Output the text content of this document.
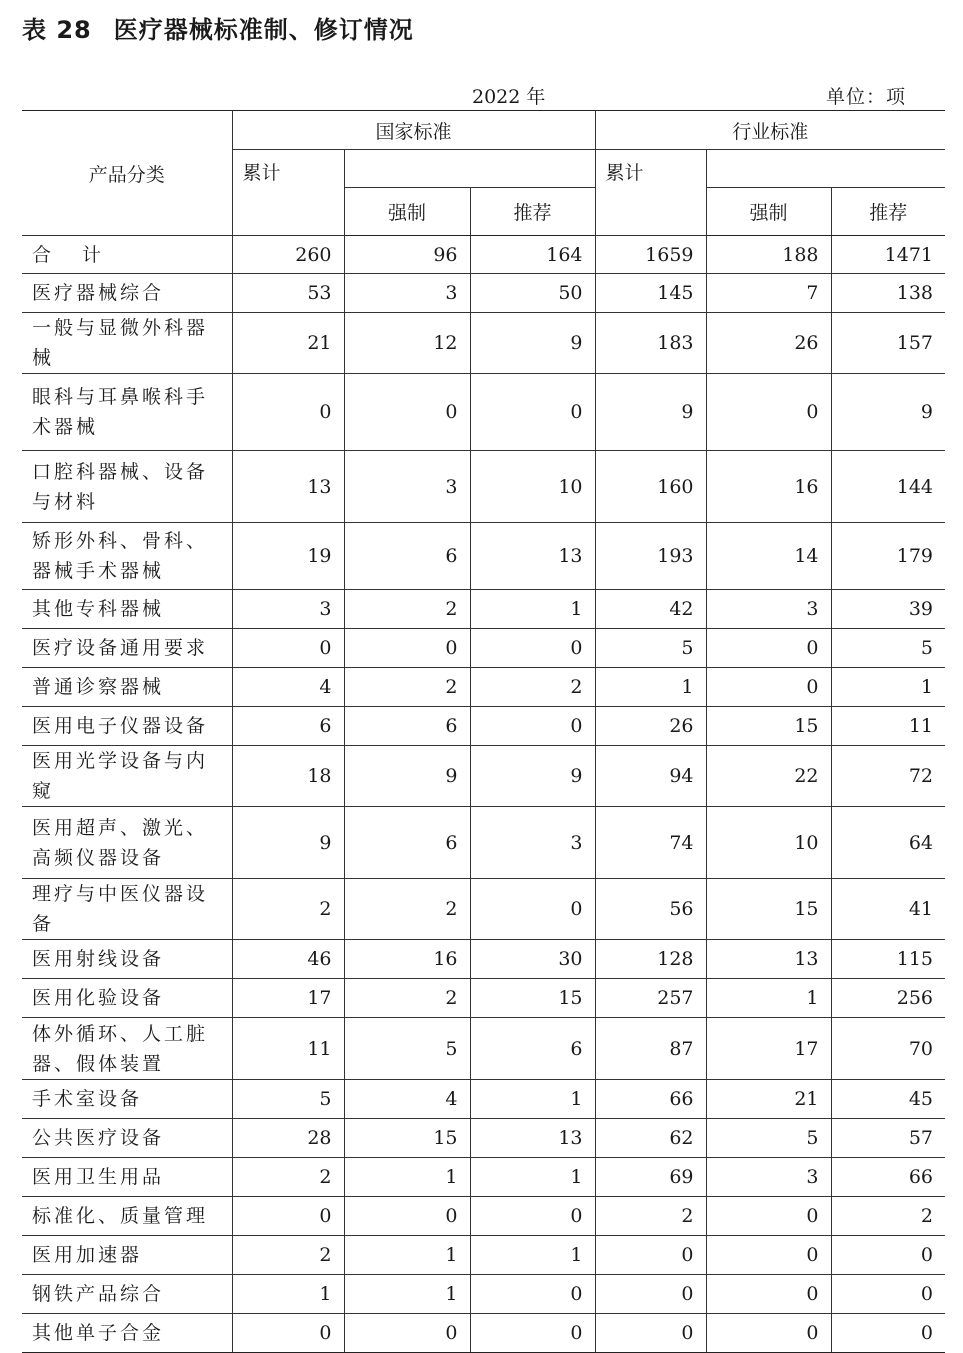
表 28 医疗器械标准制、修订情况
2022 年	单位：项
产品分类	国家标准			行业标准		
	累计			累计		
		强制	推荐		强制	推荐
合 计	260	96	164	1659	188	1471
医疗器械综合	53	3	50	145	7	138
一般与显微外科器械	21	12	9	183	26	157
眼科与耳鼻喉科手术器械	0	0	0	9	0	9
口腔科器械、设备与材料	13	3	10	160	16	144
矫形外科、骨科、器械手术器械	19	6	13	193	14	179
其他专科器械	3	2	1	42	3	39
医疗设备通用要求	0	0	0	5	0	5
普通诊察器械	4	2	2	1	0	1
医用电子仪器设备	6	6	0	26	15	11
医用光学设备与内窥	18	9	9	94	22	72
医用超声、激光、高频仪器设备	9	6	3	74	10	64
理疗与中医仪器设备	2	2	0	56	15	41
医用射线设备	46	16	30	128	13	115
医用化验设备	17	2	15	257	1	256
体外循环、人工脏器、假体装置	11	5	6	87	17	70
手术室设备	5	4	1	66	21	45
公共医疗设备	28	15	13	62	5	57
医用卫生用品	2	1	1	69	3	66
标准化、质量管理	0	0	0	2	0	2
医用加速器	2	1	1	0	0	0
钢铁产品综合	1	1	0	0	0	0
其他单子合金	0	0	0	0	0	0
